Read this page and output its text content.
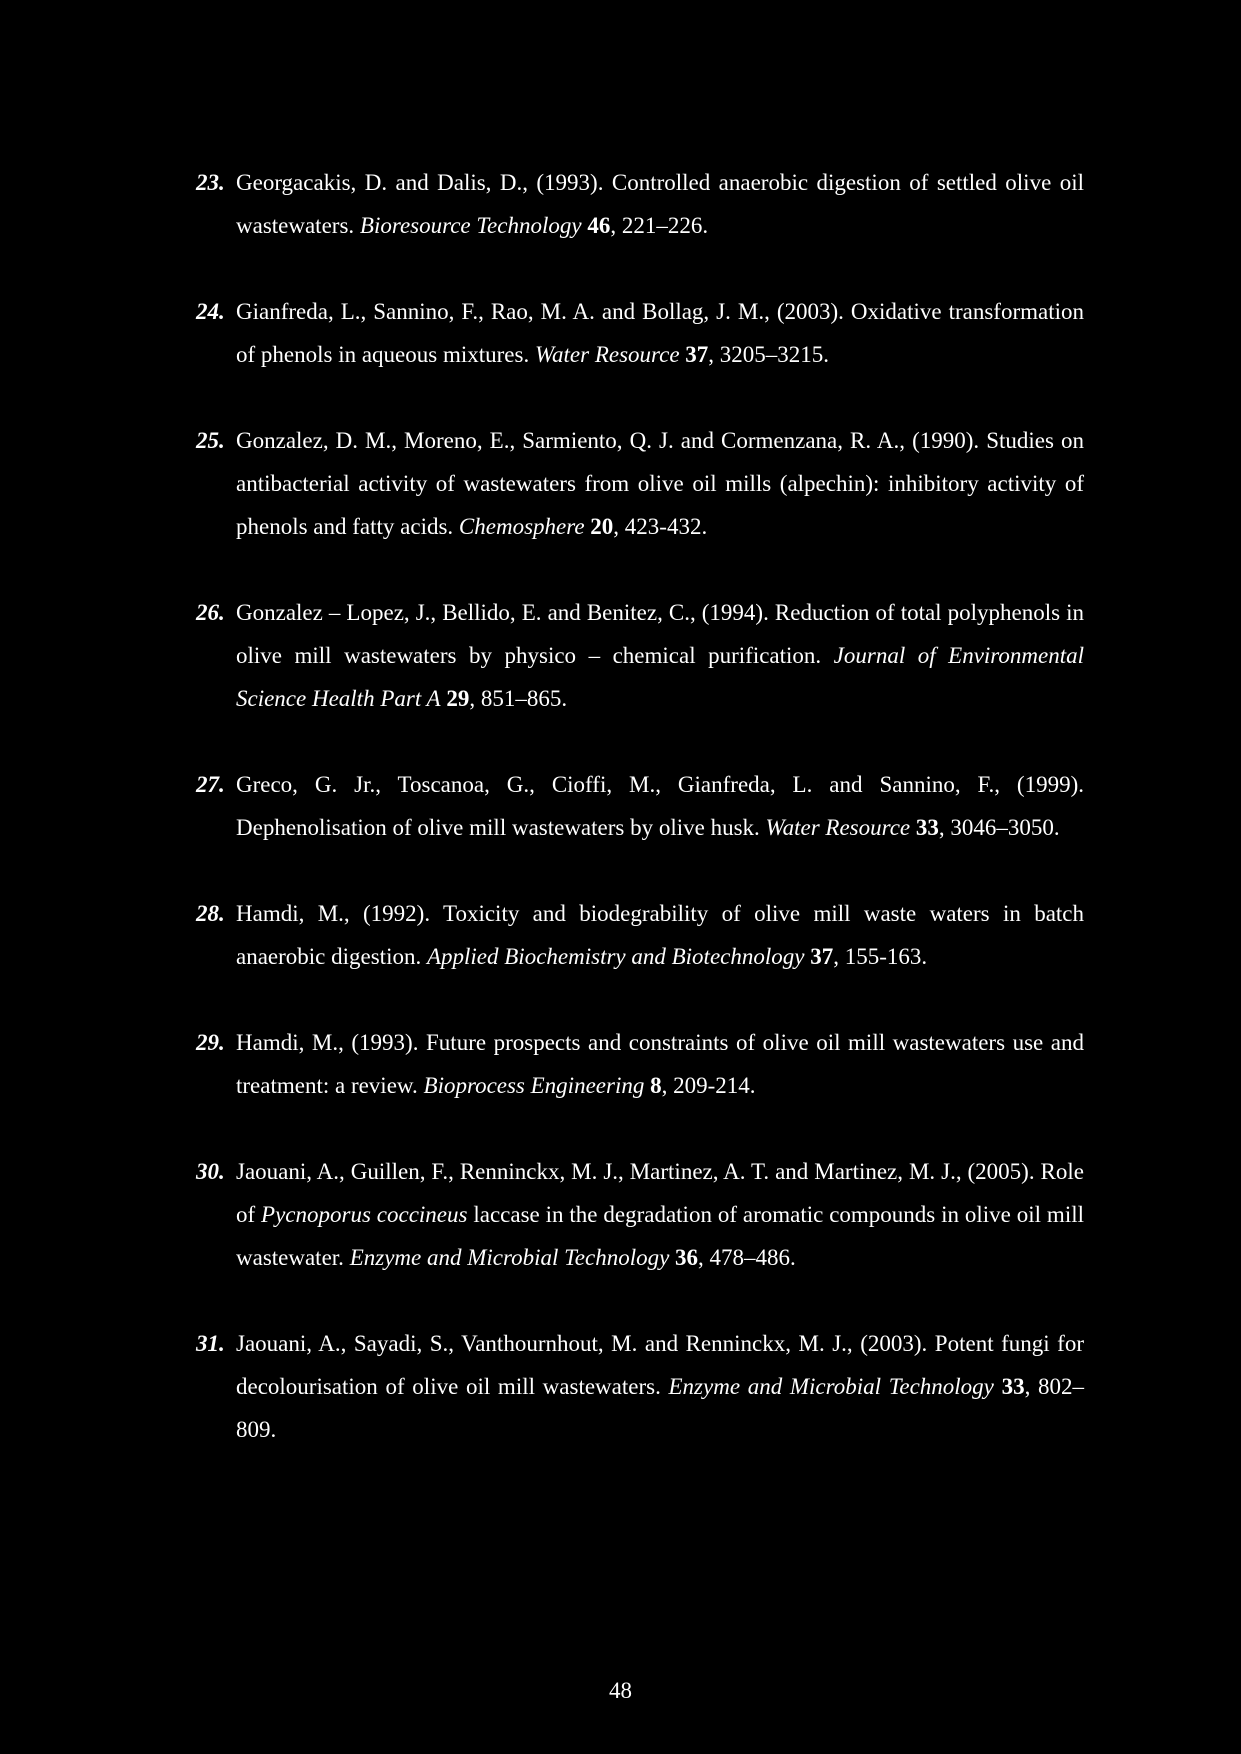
23. Georgacakis, D. and Dalis, D., (1993). Controlled anaerobic digestion of settled olive oil wastewaters. Bioresource Technology 46, 221–226.
24. Gianfreda, L., Sannino, F., Rao, M. A. and Bollag, J. M., (2003). Oxidative transformation of phenols in aqueous mixtures. Water Resource 37, 3205–3215.
25. Gonzalez, D. M., Moreno, E., Sarmiento, Q. J. and Cormenzana, R. A., (1990). Studies on antibacterial activity of wastewaters from olive oil mills (alpechin): inhibitory activity of phenols and fatty acids. Chemosphere 20, 423-432.
26. Gonzalez – Lopez, J., Bellido, E. and Benitez, C., (1994). Reduction of total polyphenols in olive mill wastewaters by physico – chemical purification. Journal of Environmental Science Health Part A 29, 851–865.
27. Greco, G. Jr., Toscanoa, G., Cioffi, M., Gianfreda, L. and Sannino, F., (1999). Dephenolisation of olive mill wastewaters by olive husk. Water Resource 33, 3046–3050.
28. Hamdi, M., (1992). Toxicity and biodegrability of olive mill waste waters in batch anaerobic digestion. Applied Biochemistry and Biotechnology 37, 155-163.
29. Hamdi, M., (1993). Future prospects and constraints of olive oil mill wastewaters use and treatment: a review. Bioprocess Engineering 8, 209-214.
30. Jaouani, A., Guillen, F., Renninckx, M. J., Martinez, A. T. and Martinez, M. J., (2005). Role of Pycnoporus coccineus laccase in the degradation of aromatic compounds in olive oil mill wastewater. Enzyme and Microbial Technology 36, 478–486.
31. Jaouani, A., Sayadi, S., Vanthournhout, M. and Renninckx, M. J., (2003). Potent fungi for decolourisation of olive oil mill wastewaters. Enzyme and Microbial Technology 33, 802–809.
48
